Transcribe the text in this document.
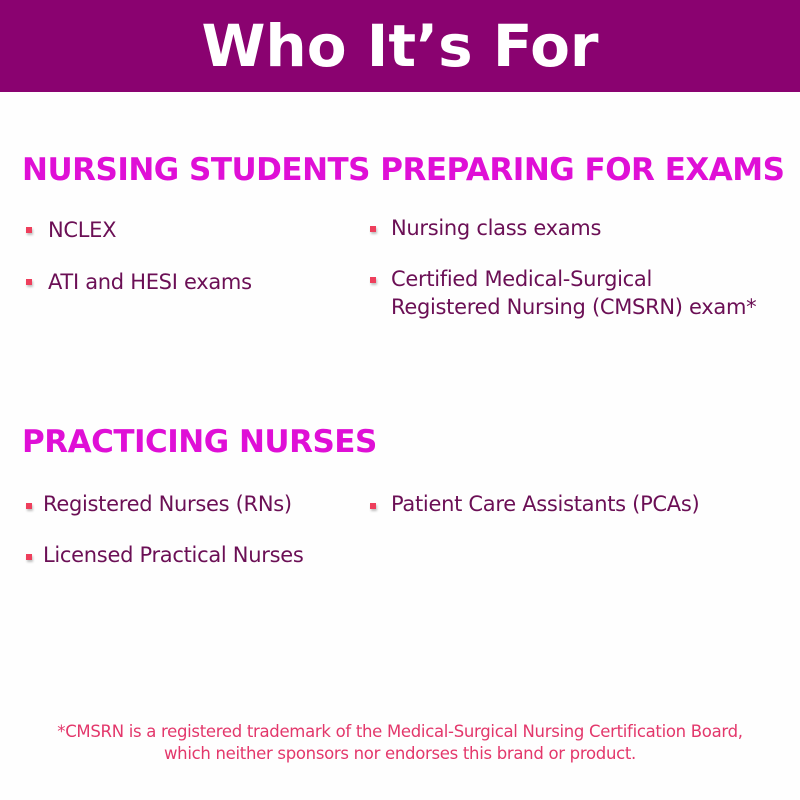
Who It’s For
NURSING STUDENTS PREPARING FOR EXAMS
NCLEX
ATI and HESI exams
Nursing class exams
Certified Medical-Surgical
Registered Nursing (CMSRN) exam*
PRACTICING NURSES
Registered Nurses (RNs)
Licensed Practical Nurses
Patient Care Assistants (PCAs)
*CMSRN is a registered trademark of the Medical-Surgical Nursing Certification Board,
which neither sponsors nor endorses this brand or product.
